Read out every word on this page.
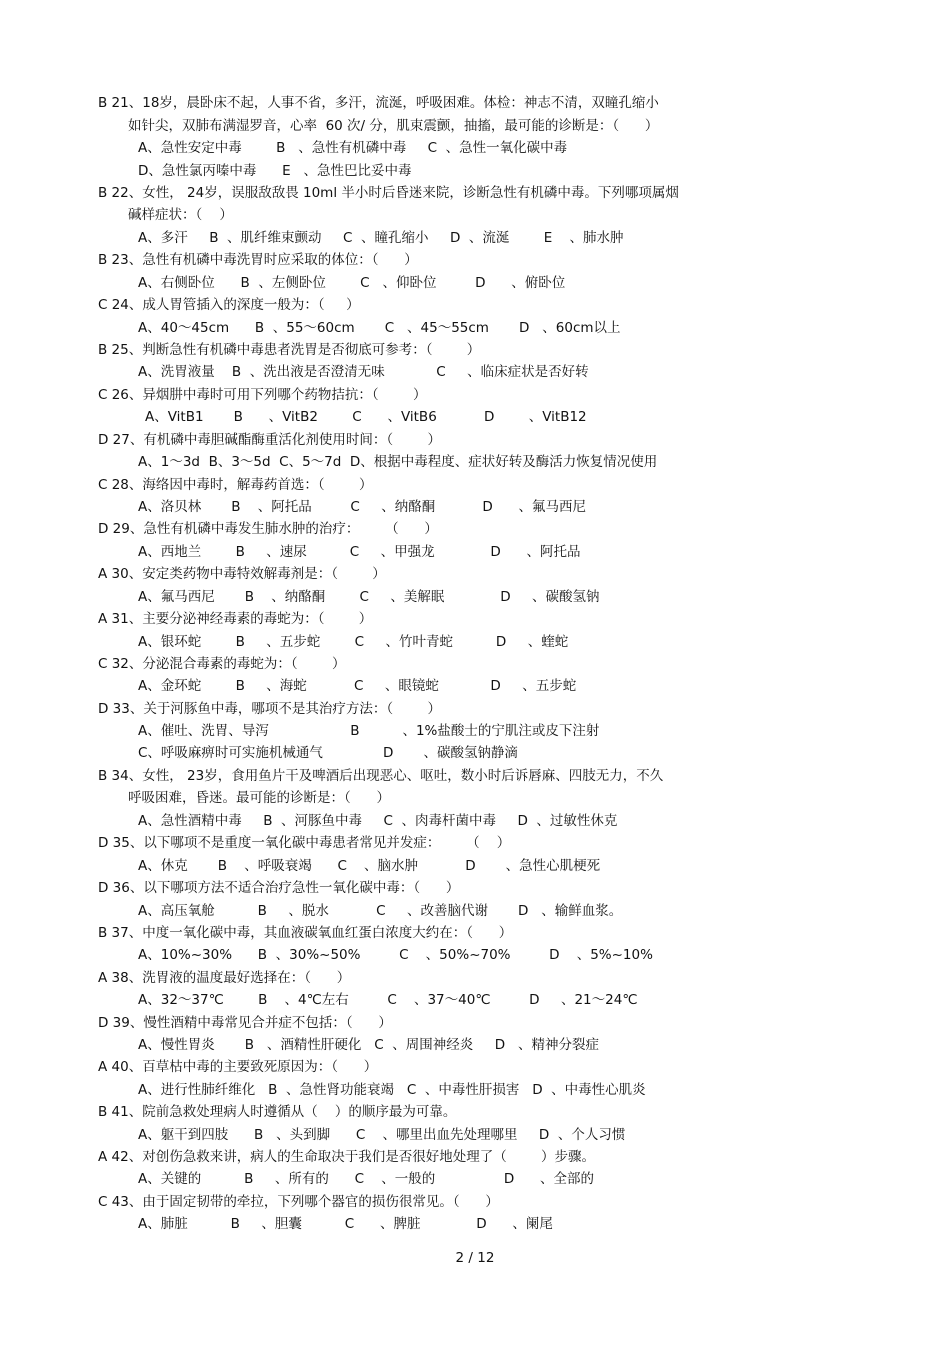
B 21、18岁，晨卧床不起，人事不省，多汗，流涎，呼吸困难。体检：神志不清，双瞳孔缩小
如针尖，双肺布满湿罗音，心率  60 次/ 分，肌束震颤，抽搐，最可能的诊断是：（      ）
A、急性安定中毒        B   、急性有机磷中毒     C  、急性一氧化碳中毒
D、急性氯丙嗪中毒      E   、急性巴比妥中毒
B 22、女性， 24岁，误服敌敌畏 10ml 半小时后昏迷来院，诊断急性有机磷中毒。下列哪项属烟
碱样症状：（    ）
A、多汗     B  、肌纤维束颤动     C  、瞳孔缩小     D  、流涎        E    、肺水肿
B 23、急性有机磷中毒洗胃时应采取的体位：（      ）
A、右侧卧位      B  、左侧卧位        C   、仰卧位         D      、俯卧位
C 24、成人胃管插入的深度一般为：（     ）
A、40～45cm      B  、55～60cm       C   、45～55cm       D   、60cm以上
B 25、判断急性有机磷中毒患者洗胃是否彻底可参考：（        ）
A、洗胃液量    B  、洗出液是否澄清无味            C     、临床症状是否好转
C 26、异烟肼中毒时可用下列哪个药物拮抗：（        ）
A、VitB1       B      、VitB2        C      、VitB6           D        、VitB12
D 27、有机磷中毒胆碱酯酶重活化剂使用时间：（        ）
A、1～3d  B、3～5d  C、5～7d  D、根据中毒程度、症状好转及酶活力恢复情况使用
C 28、海络因中毒时，解毒药首选：（        ）
A、洛贝林       B    、阿托品         C     、纳酪酮           D      、氟马西尼
D 29、急性有机磷中毒发生肺水肿的治疗：      （      ）
A、西地兰        B     、速尿          C     、甲强龙             D      、阿托品
A 30、安定类药物中毒特效解毒剂是：（        ）
A、氟马西尼       B    、纳酪酮        C     、美解眠             D     、碳酸氢钠
A 31、主要分泌神经毒素的毒蛇为：（        ）
A、银环蛇        B     、五步蛇        C     、竹叶青蛇          D     、蝰蛇
C 32、分泌混合毒素的毒蛇为：（        ）
A、金环蛇        B     、海蛇           C     、眼镜蛇            D     、五步蛇
D 33、关于河豚鱼中毒，哪项不是其治疗方法：（        ）
A、催吐、洗胃、导泻                   B          、1%盐酸士的宁肌注或皮下注射
C、呼吸麻痹时可实施机械通气              D       、碳酸氢钠静滴
B 34、女性， 23岁，食用鱼片干及啤酒后出现恶心、呕吐，数小时后诉唇麻、四肢无力，不久
呼吸困难，昏迷。最可能的诊断是：（      ）
A、急性酒精中毒     B  、河豚鱼中毒     C  、肉毒杆菌中毒     D  、过敏性休克
D 35、以下哪项不是重度一氧化碳中毒患者常见并发症：      （    ）
A、休克       B    、呼吸衰竭      C    、脑水肿           D       、急性心肌梗死
D 36、以下哪项方法不适合治疗急性一氧化碳中毒：（      ）
A、高压氧舱          B     、脱水           C     、改善脑代谢       D   、输鲜血浆。
B 37、中度一氧化碳中毒，其血液碳氧血红蛋白浓度大约在：（      ）
A、10%~30%      B  、30%~50%         C    、50%~70%         D    、5%~10%
A 38、洗胃液的温度最好选择在：（      ）
A、32～37℃        B    、4℃左右         C    、37～40℃         D     、21～24℃
D 39、慢性酒精中毒常见合并症不包括：（      ）
A、慢性胃炎       B   、酒精性肝硬化   C  、周围神经炎     D   、精神分裂症
A 40、百草枯中毒的主要致死原因为：（      ）
A、进行性肺纤维化   B  、急性肾功能衰竭   C  、中毒性肝损害   D  、中毒性心肌炎
B 41、院前急救处理病人时遵循从（    ）的顺序最为可靠。
A、躯干到四肢      B   、头到脚      C    、哪里出血先处理哪里     D  、个人习惯
A 42、对创伤急救来讲，病人的生命取决于我们是否很好地处理了（        ）步骤。
A、关键的          B     、所有的      C    、一般的                D      、全部的
C 43、由于固定韧带的牵拉，下列哪个器官的损伤很常见。（      ）
A、肺脏          B     、胆囊          C      、脾脏             D      、阑尾
2 / 12
